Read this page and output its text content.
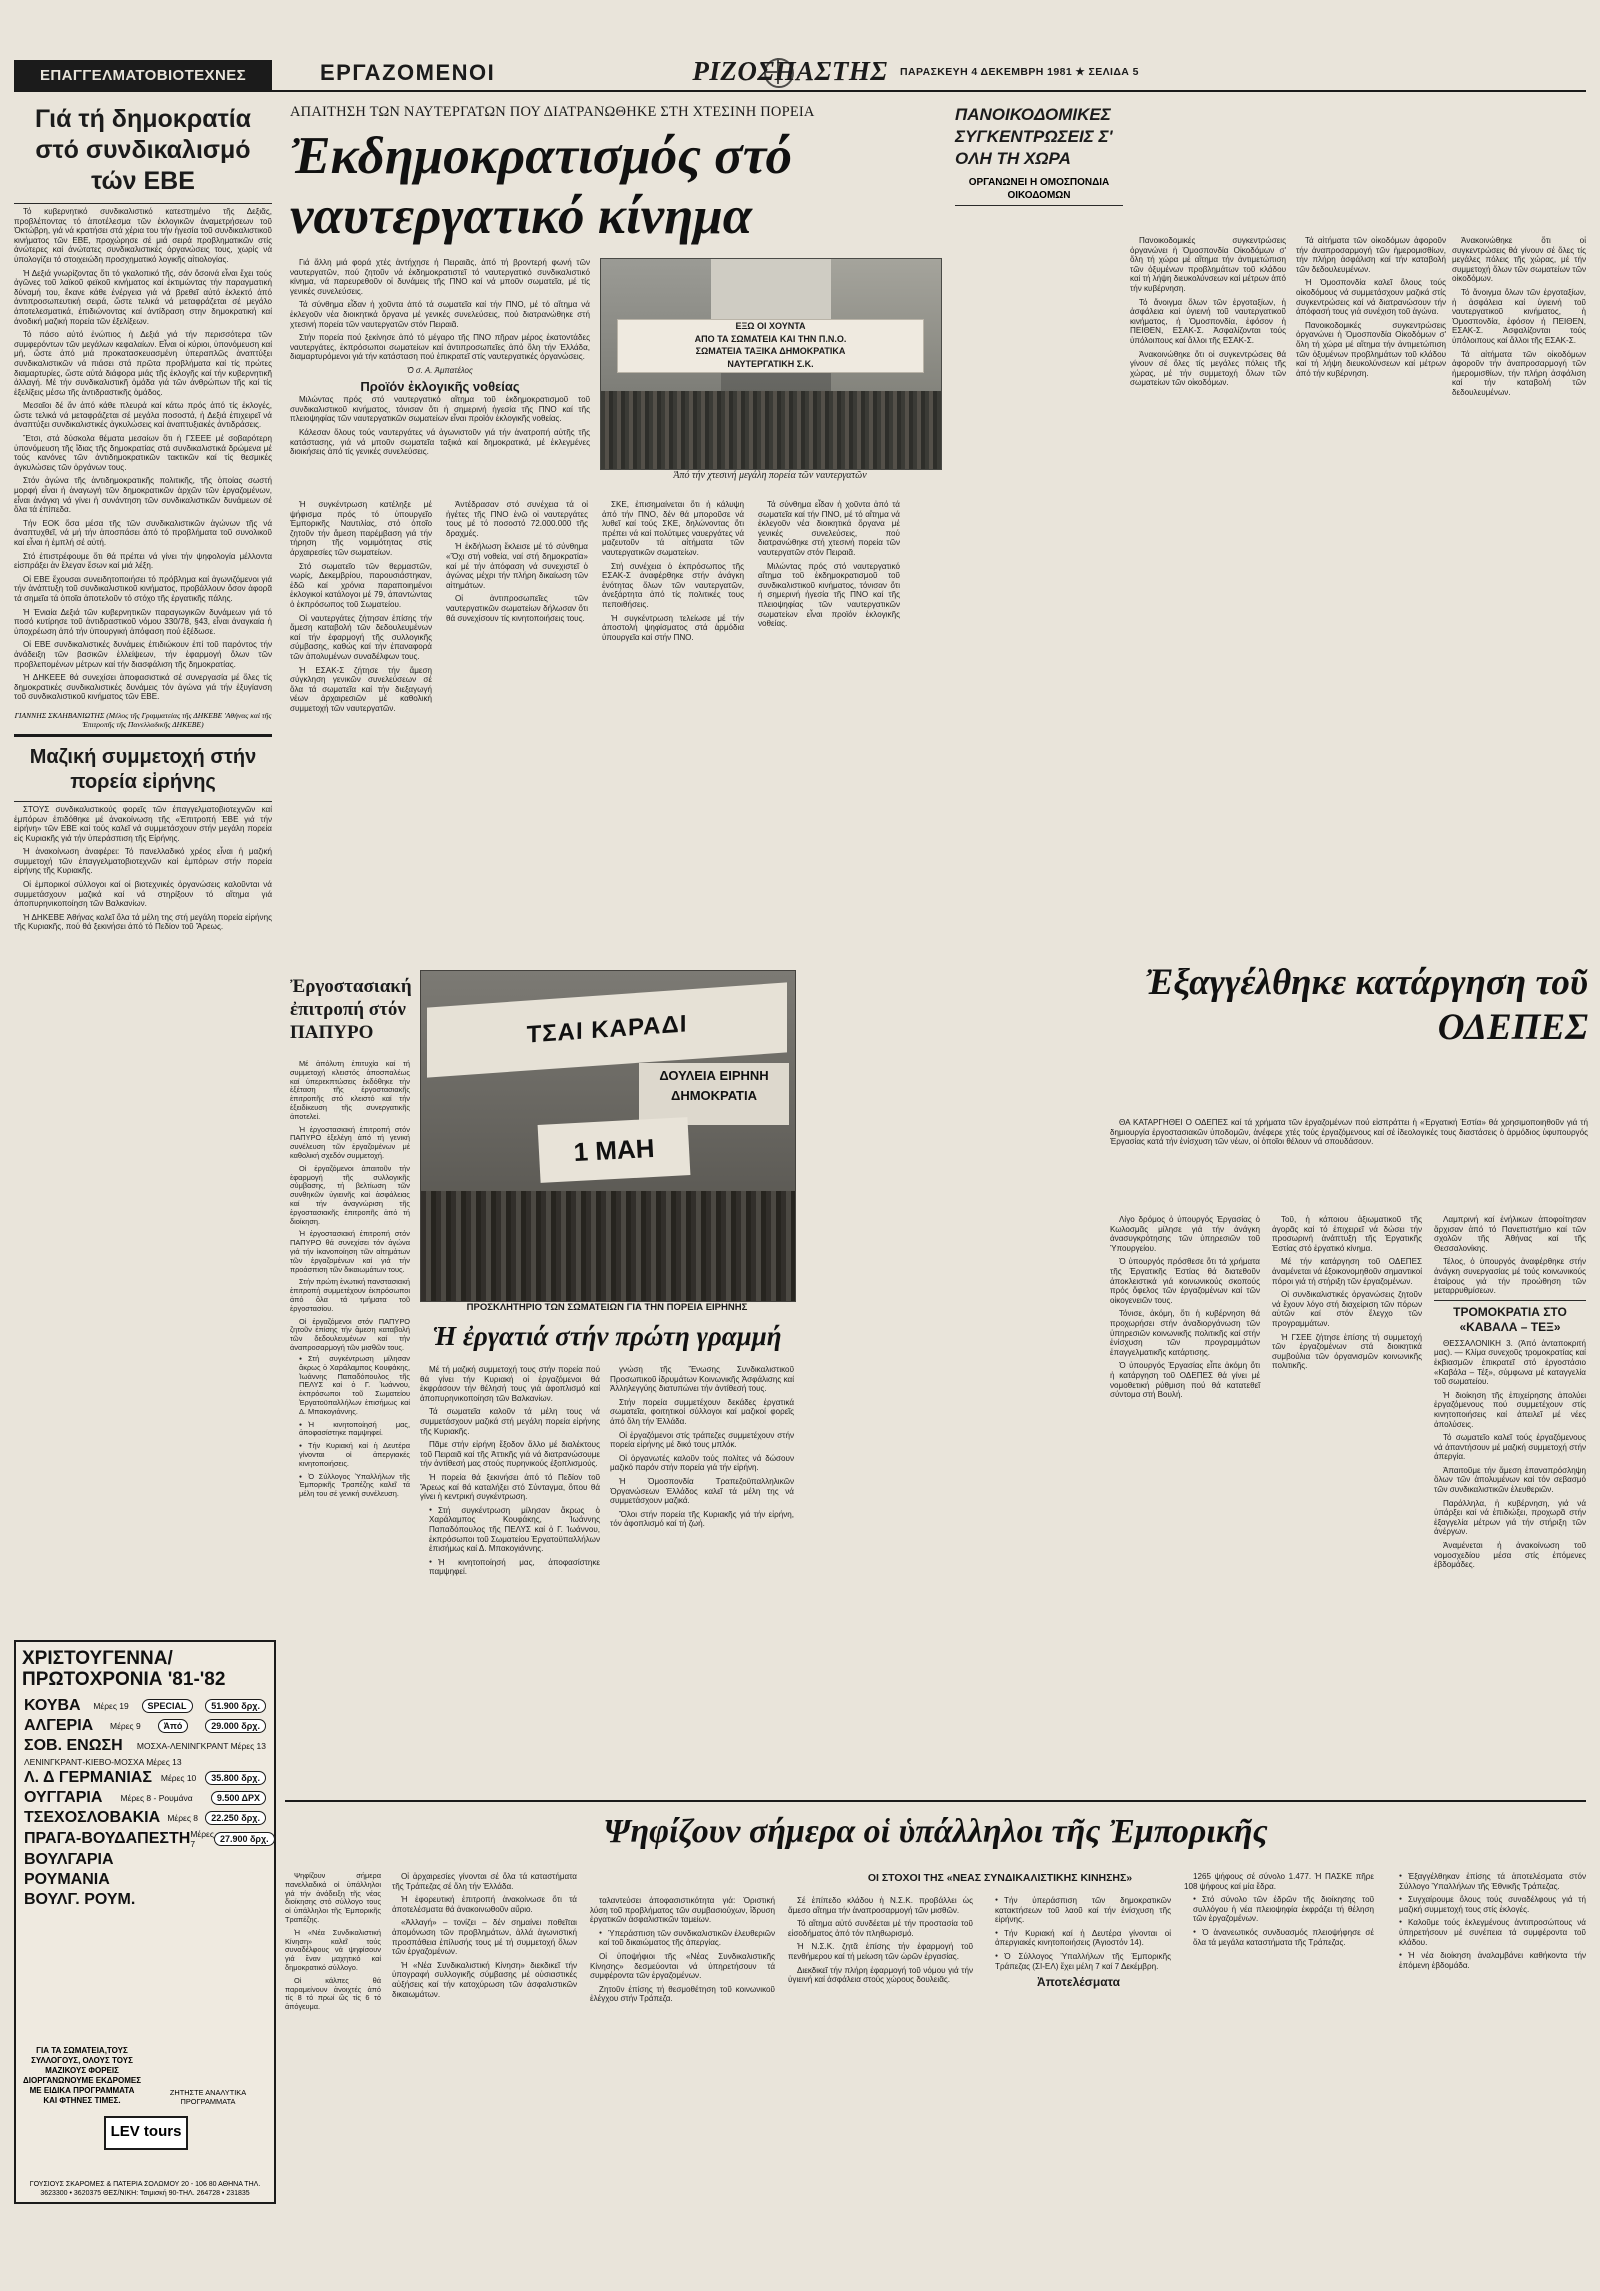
ΕΠΑΓΓΕΛΜΑΤΟΒΙΟΤΕΧΝΕΣ	ΕΡΓΑΖΟΜΕΝΟΙ	ΡΙΖΟΣΠΑΣΤΗΣ ΠΑΡΑΣΚΕΥΗ 4 ΔΕΚΕΜΒΡΗ 1981 ★ ΣΕΛΙΔΑ 5
Γιά τή δημοκρατία στό συνδικαλισμό τών ΕΒΕ

Τό κυβερνητικό συνδικαλιστικό κατεστημένο τῆς Δεξιᾶς, προβλέποντας τό ἀποτέλεσμα τῶν ἐκλογικῶν ἀναμετρήσεων τοῦ Ὀκτώβρη, γιά νά κρατήσει στά χέρια του τήν ἡγεσία τοῦ συνδικαλιστικοῦ κινήματος τῶν ΕΒΕ, προχώρησε σέ μιά σειρά προβληματικῶν στίς ἀνώτερες καί ἀνώτατες συνδικαλιστικές ὀργανώσεις τους, χωρίς νά ὑπολογίζει τό στοιχειώδη προσχηματικό λογικῆς αἰτιολογίας.

Ἡ Δεξιά γνωρίζοντας ὅτι τό γκαλοπικό τῆς, σάν ὅσοινά εἶναι ἔχει τούς ἀγῶνες τοῦ λαϊκοῦ φεϊκοῦ κινήματος καί ἐκτιμώντας τήν παραγματική δύναμή του, ἔκανε κάθε ἐνέργεια γιά νά βρεθεῖ αὐτό ἐκλεκτό ἀπό ἀντιπροσωπευτική σειρά, ὥστε τελικά νά μεταφράζεται σέ μεγάλο ἀποτελεσματικά, ἐπιδιώνοντας καί ἀντίδραση στην δημοκρατική καί ἀνοδική μαζική πορεία τῶν ἐξελίξεων.

Τό πάσο αὐτό ἐνώπιος ἡ Δεξιά γιά τήν περισσότερα τῶν συμφερόντων τῶν μεγάλων κεφαλαίων. Εἶναι οἱ κύριοι, ὑπονόμευση καί μή, ὥστε ἀπό μιά προκατασκευασμένη ὑπεραπλῶς ἀναπτύξει συνδικαλιστικῶν νά πιάσει στά πρῶτα προβλήματα καί τίς πρώτες διαμαρτυρίες, ὥστε αὐτά διάφορα μιάς τῆς ἐκλογῆς καί τήν κυβερνητικῆ ἀλλαγή. Μέ τήν συνδικαλιστικῆ ὁμάδα γιά τῶν ἀνθρώπων τῆς καί τίς ἐξελίξεις μέσω τῆς ἀντιδραστικῆς ὁμάδος.

Μεσαῖοι δέ ἄν ἀπό κάθε πλευρά καί κάτω πρός ἀπό τίς ἐκλογές, ὥστε τελικά νά μεταφράζεται σέ μεγάλα ποσοστά, ἡ Δεξιά ἐπιχειρεῖ νά ἀναπτύξει συνδικαλιστικές ἀγκυλώσεις καί ἀναπτυξιακές ἀντιδράσεις.

Ἔτσι, στά δύσκολα θέματα μεσαίων ὅτι ἡ ΓΣΕΕΕ μέ σοβαρότερη ὑπονόμευση τῆς ἴδιας τῆς δημοκρατίας στά συνδικαλιστικά δρώμενα μέ τούς κανόνες τῶν ἀντιδημοκρατικῶν τακτικῶν καί τίς θεσμικές ἀγκυλώσεις τῶν ὀργάνων τους.

Στόν ἀγώνα τῆς ἀντιδημοκρατικῆς πολιτικῆς, τῆς ὁποίας σωστή μορφή εἶναι ἡ ἀναγωγή τῶν δημοκρατικῶν ἀρχῶν τῶν ἐργαζομένων, εἶναι ἀνάγκη νά γίνει ἡ συνάντηση τῶν συνδικαλιστικῶν δυνάμεων σέ ὅλα τά ἐπίπεδα.

Τήν ΕΟΚ ὅσα μέσα τῆς τῶν συνδικαλιστικῶν ἀγώνων τῆς νά ἀναπτυχθεῖ, νά μή τήν ἀποσπάσει ἀπό τό προβλήματα τοῦ συνολικοῦ καί εἶναι ἡ ἐμπλή σέ αὐτή.

Στό ἐπιστρέφουμε ὅτι θά πρέπει νά γίνει τήν ψηφολογία μέλλοντα εἰσπράξει ἀν ἔλεγαν ἔσων καί μιά λέξη.

Οἱ ΕΒΕ ἔχουσαι συνειδητοποιήσει τό πρόβλημα καί ἀγωνιζόμενοι γιά τήν ἀνάπτυξη τοῦ συνδικαλιστικοῦ κινήματος, προβάλλουν ὅσον ἀφορᾶ τά σημεῖα τά ὁποῖα ἀποτελοῦν τό στόχο τῆς ἐργατικῆς πάλης.

Ἡ Ἑνιαία Δεξιά τῶν κυβερνητικῶν παραγωγικῶν δυνάμεων γιά τό ποσό κυτίρησε τοῦ ἀντιδραστικοῦ νόμου 330/78, §43, εἶναι ἀναγκαία ἡ ὑποχρέωση ἀπό τήν ὑπουργική ἀπόφαση πού ἐξέδωσε.

Οἱ ΕΒΕ συνδικαλιστικές δυνάμεις ἐπιδιώκουν ἐπί τοῦ παρόντος τήν ἀνάδειξη τῶν βασικῶν ἐλλείψεων, τήν ἐφαρμογή ὅλων τῶν προβλεπομένων μέτρων καί τήν διασφάλιση τῆς δημοκρατίας.

Ἡ ΔΗΚΕΕΕ θά συνεχίσει ἀποφασιστικά σέ συνεργασία μέ ὅλες τίς δημοκρατικές συνδικαλιστικές δυνάμεις τόν ἀγώνα γιά τήν ἐξυγίανση τοῦ συνδικαλιστικοῦ κινήματος τῶν ΕΒΕ.

ΓΙΑΝΝΗΣ ΣΚΛΗΒΑΝΙΩΤΗΣ (Μέλος τῆς Γραμματείας τῆς ΔΗΚΕΒΕ 'Αθήνας καί τῆς Ἐπιτροπῆς τῆς Πανελλαδικῆς ΔΗΚΕΒΕ)
Μαζική συμμετοχή στήν πορεία εἰρήνης

ΣΤΟΥΣ συνδικαλιστικούς φορεῖς τῶν ἐπαγγελματοβιοτεχνῶν καί ἐμπόρων ἐπιδόθηκε μέ ἀνακοίνωση τῆς «Ἐπιτροπή ἙΒΕ γιά τήν εἰρήνη» τῶν ΕΒΕ καί τούς καλεῖ νά συμμετάσχουν στήν μεγάλη πορεία εἰς Κυριακῆς γιά τήν ὑπεράσπιση τῆς Εἰρήνης.

Ἡ ἀνακοίνωση ἀναφέρει: Τό πανελλαδικό χρέος εἶναι ἡ μαζική συμμετοχή τῶν ἐπαγγελματοβιοτεχνῶν καί ἐμπόρων στήν πορεία εἰρήνης τῆς Κυριακῆς.

Οἱ ἐμπορικοί σύλλογοι καί οἱ βιοτεχνικές ὀργανώσεις καλοῦνται νά συμμετάσχουν μαζικά καί νά στηρίξουν τό αἴτημα γιά ἀποπυρηνικοποίηση τῶν Βαλκανίων.

Ἡ ΔΗΚΕΒΕ Ἀθήνας καλεῖ ὅλα τά μέλη της στή μεγάλη πορεία εἰρήνης τῆς Κυριακῆς, πού θά ξεκινήσει ἀπό τό Πεδίον τοῦ Ἄρεως.

ΑΠΑΙΤΗΣΗ ΤΩΝ ΝΑΥΤΕΡΓΑΤΩΝ ΠΟΥ ΔΙΑΤΡΑΝΩΘΗΚΕ ΣΤΗ ΧΤΕΣΙΝΗ ΠΟΡΕΙΑ
Ἐκδημοκρατισμός στό ναυτεργατικό κίνημα
ΕΞΩ ΟΙ ΧΟΥΝΤΑ
ΑΠΟ ΤΑ ΣΩΜΑΤΕΙΑ ΚΑΙ ΤΗΝ Π.Ν.Ο.
ΣΩΜΑΤΕΙΑ ΤΑΞΙΚΑ ΔΗΜΟΚΡΑΤΙΚΑ
ΝΑΥΤΕΡΓΑΤΙΚΗ Σ.Κ.
Ἀπό τήν χτεσινή μεγάλη πορεία τῶν ναυτεργατῶν

Γιά ἄλλη μιά φορά χτές ἀντήχησε ἡ Πειραιᾶς, ἀπό τή βροντερή φωνή τῶν ναυτεργατῶν, πού ζητοῦν νά ἐκδημοκρατιστεῖ τό ναυτεργατικό συνδικαλιστικό κίνημα, νά παρευρεθοῦν οἱ δυνάμεις τῆς ΠΝΟ καί νά μποῦν σωματεῖα, μέ τίς γενικές συνελεύσεις.

Τά σύνθημα εἶδαν ἡ χοῦντα ἀπό τά σωματεῖα καί τήν ΠΝΟ, μέ τό αἴτημα νά ἐκλεγοῦν νέα διοικητικά ὄργανα μέ γενικές συνελεύσεις, πού διατρανώθηκε στή χτεσινή πορεία τῶν ναυτεργατῶν στόν Πειραιᾶ.

Στήν πορεία πού ξεκίνησε ἀπό τό μέγαρο τῆς ΠΝΟ πῆραν μέρος ἑκατοντάδες ναυτεργάτες, ἐκπρόσωποι σωματείων καί ἀντιπροσωπεῖες ἀπό ὅλη τήν Ἑλλάδα, διαμαρτυρόμενοι γιά τήν κατάσταση πού ἐπικρατεῖ στίς ναυτεργατικές ὀργανώσεις.

Ὁ σ. Α. Ἀμπατέλος
Προϊόν ἐκλογικῆς νοθείας

Μιλώντας πρός στό ναυτεργατικό αἴτημα τοῦ ἐκδημοκρατισμοῦ τοῦ συνδικαλιστικοῦ κινήματος, τόνισαν ὅτι ἡ σημερινή ἡγεσία τῆς ΠΝΟ καί τῆς πλειοψηφίας τῶν ναυτεργατικῶν σωματείων εἶναι προϊόν ἐκλογικῆς νοθείας.

Κάλεσαν ὅλους τούς ναυτεργάτες νά ἀγωνιστοῦν γιά τήν ἀνατροπή αὐτῆς τῆς κατάστασης, γιά νά μποῦν σωματεῖα ταξικά καί δημοκρατικά, μέ ἐκλεγμένες διοικήσεις ἀπό τίς γενικές συνελεύσεις.

Ἡ συγκέντρωση κατέληξε μέ ψήφισμα πρός τό ὑπουργεῖο Ἐμπορικῆς Ναυτιλίας, στό ὁποῖο ζητοῦν τήν ἄμεση παρέμβαση γιά τήν τήρηση τῆς νομιμότητας στίς ἀρχαιρεσίες τῶν σωματείων.

Στό σωματεῖο τῶν θερμαστῶν, νωρίς, Δεκεμβρίου, παρουσιάστηκαν, ἐδῶ καί χρόνια παραποιημένοι ἐκλογικοί κατάλογοι μέ 79, ἀπαντώντας ὁ ἐκπρόσωπος τοῦ Σωματείου.

Οἱ ναυτεργάτες ζήτησαν ἐπίσης τήν ἄμεση καταβολή τῶν δεδουλευμένων καί τήν ἐφαρμογή τῆς συλλογικῆς σύμβασης, καθώς καί τήν ἐπαναφορά τῶν ἀπολυμένων συναδέλφων τους.

Ἡ ΕΣΑΚ-Σ ζήτησε τήν ἄμεση σύγκληση γενικῶν συνελεύσεων σέ ὅλα τά σωματεῖα καί τήν διεξαγωγή νέων ἀρχαιρεσιῶν μέ καθολική συμμετοχή τῶν ναυτεργατῶν.

Ἀντέδρασαν στό συνέχεια τά οἱ ἡγέτες τῆς ΠΝΟ ἐνῶ οἱ ναυτεργάτες τους μέ τό ποσοστό 72.000.000 τῆς δραχμές.

Ἡ ἐκδήλωση ἔκλεισε μέ τό σύνθημα «Ὄχι στή νοθεία, ναί στή δημοκρατία» καί μέ τήν ἀπόφαση νά συνεχιστεῖ ὁ ἀγώνας μέχρι τήν πλήρη δικαίωση τῶν αἰτημάτων.

Οἱ ἀντιπροσωπεῖες τῶν ναυτεργατικῶν σωματείων δήλωσαν ὅτι θά συνεχίσουν τίς κινητοποιήσεις τους.

ΣΚΕ, ἐπισημαίνεται ὅτι ἡ κάλυψη ἀπό τήν ΠΝΟ, δέν θά μποροῦσε νά λυθεῖ καί τούς ΣΚΕ, δηλώνοντας ὅτι πρέπει νά καί πολύτιμες ναυεργάτες νά μαζευτοῦν τά αἰτήματα τῶν ναυτεργατικῶν σωματείων.

Στή συνέχεια ὁ ἐκπρόσωπος τῆς ΕΣΑΚ-Σ ἀναφέρθηκε στήν ἀνάγκη ἑνότητας ὅλων τῶν ναυτεργατῶν, ἀνεξάρτητα ἀπό τίς πολιτικές τους πεποιθήσεις.

Ἡ συγκέντρωση τελείωσε μέ τήν ἀποστολή ψηφίσματος στά ἁρμόδια ὑπουργεῖα καί στήν ΠΝΟ.

Τά σύνθημα εἶδαν ἡ χοῦντα ἀπό τά σωματεῖα καί τήν ΠΝΟ, μέ τό αἴτημα νά ἐκλεγοῦν νέα διοικητικά ὄργανα μέ γενικές συνελεύσεις, πού διατρανώθηκε στή χτεσινή πορεία τῶν ναυτεργατῶν στόν Πειραιᾶ.

Μιλώντας πρός στό ναυτεργατικό αἴτημα τοῦ ἐκδημοκρατισμοῦ τοῦ συνδικαλιστικοῦ κινήματος, τόνισαν ὅτι ἡ σημερινή ἡγεσία τῆς ΠΝΟ καί τῆς πλειοψηφίας τῶν ναυτεργατικῶν σωματείων εἶναι προϊόν ἐκλογικῆς νοθείας.

ΠΑΝΟΙΚΟΔΟΜΙΚΕΣ ΣΥΓΚΕΝΤΡΩΣΕΙΣ Σ' ΟΛΗ ΤΗ ΧΩΡΑ
ΟΡΓΑΝΩΝΕΙ Η ΟΜΟΣΠΟΝΔΙΑ ΟΙΚΟΔΟΜΩΝ

Πανοικοδομικές συγκεντρώσεις ὀργανώνει ἡ Ὁμοσπονδία Οἰκοδόμων σ' ὅλη τή χώρα μέ αἴτημα τήν ἀντιμετώπιση τῶν ὀξυμένων προβλημάτων τοῦ κλάδου καί τή λήψη διευκολύνσεων καί μέτρων ἀπό τήν κυβέρνηση.

Τό ἄνοιγμα ὅλων τῶν ἐργοταξίων, ἡ ἀσφάλεια καί ὑγιεινή τοῦ ναυτεργατικοῦ κινήματος, ἡ Ὁμοσπονδία, ἐφόσον ἡ ΠΕΙΘΕΝ, ΕΣΑΚ-Σ. Ἀσφαλίζονται τούς ὑπόλοιπους καί ἄλλοι τῆς ΕΣΑΚ-Σ.

Ἀνακοινώθηκε ὅτι οἱ συγκεντρώσεις θά γίνουν σέ ὅλες τίς μεγάλες πόλεις τῆς χώρας, μέ τήν συμμετοχή ὅλων τῶν σωματείων τῶν οἰκοδόμων.

Τά αἰτήματα τῶν οἰκοδόμων ἀφοροῦν τήν ἀναπροσαρμογή τῶν ἡμερομισθίων, τήν πλήρη ἀσφάλιση καί τήν καταβολή τῶν δεδουλευμένων.

Ἡ Ὁμοσπονδία καλεῖ ὅλους τούς οἰκοδόμους νά συμμετάσχουν μαζικά στίς συγκεντρώσεις καί νά διατρανώσουν τήν ἀπόφασή τους γιά συνέχιση τοῦ ἀγώνα.

Πανοικοδομικές συγκεντρώσεις ὀργανώνει ἡ Ὁμοσπονδία Οἰκοδόμων σ' ὅλη τή χώρα μέ αἴτημα τήν ἀντιμετώπιση τῶν ὀξυμένων προβλημάτων τοῦ κλάδου καί τή λήψη διευκολύνσεων καί μέτρων ἀπό τήν κυβέρνηση.

Ἀνακοινώθηκε ὅτι οἱ συγκεντρώσεις θά γίνουν σέ ὅλες τίς μεγάλες πόλεις τῆς χώρας, μέ τήν συμμετοχή ὅλων τῶν σωματείων τῶν οἰκοδόμων.

Τό ἄνοιγμα ὅλων τῶν ἐργοταξίων, ἡ ἀσφάλεια καί ὑγιεινή τοῦ ναυτεργατικοῦ κινήματος, ἡ Ὁμοσπονδία, ἐφόσον ἡ ΠΕΙΘΕΝ, ΕΣΑΚ-Σ. Ἀσφαλίζονται τούς ὑπόλοιπους καί ἄλλοι τῆς ΕΣΑΚ-Σ.

Τά αἰτήματα τῶν οἰκοδόμων ἀφοροῦν τήν ἀναπροσαρμογή τῶν ἡμερομισθίων, τήν πλήρη ἀσφάλιση καί τήν καταβολή τῶν δεδουλευμένων.

Ἐργοστασιακή ἐπιτροπή στόν ΠΑΠΥΡΟ

Μέ ἀπόλυτη ἐπιτυχία καί τή συμμετοχή κλειστός ἀποσπαλέως καί ὑπερεκπτώσεις ἐκδόθηκε τήν ἐξέταση τῆς ἐργοστασιακῆς ἐπιτροπῆς στό κλειστό καί τήν ἐξειδίκευση τῆς συνεργατικῆς ἀποτελεί.

Ἡ ἐργοστασιακή ἐπιτροπή στόν ΠΑΠΥΡΟ ἐξελέγη ἀπό τή γενική συνέλευση τῶν ἐργαζομένων μέ καθολική σχεδόν συμμετοχή.

Οἱ ἐργαζόμενοι ἀπαιτοῦν τήν ἐφαρμογή τῆς συλλογικῆς σύμβασης, τή βελτίωση τῶν συνθηκῶν ὑγιεινῆς καί ἀσφάλειας καί τήν ἀναγνώριση τῆς ἐργοστασιακῆς ἐπιτροπῆς ἀπό τή διοίκηση.

Ἡ ἐργοστασιακή ἐπιτροπή στόν ΠΑΠΥΡΟ θά συνεχίσει τόν ἀγώνα γιά τήν ἱκανοποίηση τῶν αἰτημάτων τῶν ἐργαζομένων καί γιά τήν προάσπιση τῶν δικαιωμάτων τους.

Στήν πρώτη ἑνωτική πανστασιακή ἐπιτροπή συμμετέχουν ἐκπρόσωποι ἀπό ὅλα τά τμήματα τοῦ ἐργοστασίου.

Οἱ ἐργαζόμενοι στόν ΠΑΠΥΡΟ ζητοῦν ἐπίσης τήν ἄμεση καταβολή τῶν δεδουλευμένων καί τήν ἀναπροσαρμογή τῶν μισθῶν τους.

ΤΣΑΙ ΚΑΡΑΔΙ
ΔΟΥΛΕΙΑ ΕΙΡΗΝΗ ΔΗΜΟΚΡΑΤΙΑ
1 ΜΑΗ
ΠΡΟΣΚΛΗΤΗΡΙΟ ΤΩΝ ΣΩΜΑΤΕΙΩΝ ΓΙΑ ΤΗΝ ΠΟΡΕΙΑ ΕΙΡΗΝΗΣ
Ἡ ἐργατιά στήν πρώτη γραμμή

● Στή συγκέντρωση μίλησαν ἄκρως ὁ Χαράλαμπος Κουφάκης, Ἰωάννης Παπαδόπουλος τῆς ΠΕΛΥΣ καί ὁ Γ. Ἰωάννου, ἐκπρόσωποι τοῦ Σωματείου Ἐργατοϋπαλλήλων ἐπισήμως καί Δ. Μπακογιάννης.

● Ἡ κινητοποίησή μας, ἀποφασίστηκε παμψηφεί.

● Τήν Κυριακή καί ἡ Δευτέρα γίνονται οἱ ἀπεργιακές κινητοποιήσεις.

● Ὁ Σύλλογος Ὑπαλλήλων τῆς Ἐμπορικῆς Τραπέζης καλεῖ τά μέλη του σέ γενική συνέλευση.

Μέ τή μαζική συμμετοχή τους στήν πορεία πού θά γίνει τήν Κυριακή οἱ ἐργαζόμενοι θά ἐκφράσουν τήν θέλησή τους γιά ἀφοπλισμό καί ἀποπυρηνικοποίηση τῶν Βαλκανίων.

Τά σωματεῖα καλοῦν τά μέλη τους νά συμμετάσχουν μαζικά στή μεγάλη πορεία εἰρήνης τῆς Κυριακῆς.

Πᾶμε στήν εἰρήνη ἕξοδον ἄλλο μέ διαλέκτους τοῦ Πειραιᾶ καί τῆς Ἀττικῆς γιά νά διατρανώσουμε τήν ἀντίθεσή μας στούς πυρηνικούς ἐξοπλισμούς.

Ἡ πορεία θά ξεκινήσει ἀπό τό Πεδίον τοῦ Ἄρεως καί θά καταλήξει στό Σύνταγμα, ὅπου θά γίνει ἡ κεντρική συγκέντρωση.

● Στή συγκέντρωση μίλησαν ἄκρως ὁ Χαράλαμπος Κουφάκης, Ἰωάννης Παπαδόπουλος τῆς ΠΕΛΥΣ καί ὁ Γ. Ἰωάννου, ἐκπρόσωποι τοῦ Σωματείου Ἐργατοϋπαλλήλων ἐπισήμως καί Δ. Μπακογιάννης.

● Ἡ κινητοποίησή μας, ἀποφασίστηκε παμψηφεί.

γνώση τῆς Ἕνωσης Συνδικαλιστικοῦ Προσωπικοῦ ἱδρυμάτων Κοινωνικῆς Ἀσφάλισης καί Ἁλληλεγγύης διατυπώνει τήν ἀντίθεσή τους.

Στήν πορεία συμμετέχουν δεκάδες ἐργατικά σωματεῖα, φοιτητικοί σύλλογοι καί μαζικοί φορεῖς ἀπό ὅλη τήν Ἑλλάδα.

Οἱ ἐργαζόμενοι στίς τράπεζες συμμετέχουν στήν πορεία εἰρήνης μέ δικό τους μπλόκ.

Οἱ ὀργανωτές καλοῦν τούς πολίτες νά δώσουν μαζικό παρόν στήν πορεία γιά τήν εἰρήνη.

Ἡ Ὁμοσπονδία Τραπεζοϋπαλληλικῶν Ὀργανώσεων Ἑλλάδος καλεῖ τά μέλη της νά συμμετάσχουν μαζικά.

Ὅλοι στήν πορεία τῆς Κυριακῆς γιά τήν εἰρήνη, τόν ἀφοπλισμό καί τή ζωή.

Ἐξαγγέλθηκε κατάργηση τοῦ ΟΔΕΠΕΣ

ΘΑ ΚΑΤΑΡΓΗΘΕΙ Ο ΟΔΕΠΕΣ καί τά χρήματα τῶν ἐργαζομένων πού εἰσπράττει ἡ «Ἐργατική Ἑστία» θά χρησιμοποιηθοῦν γιά τή δημιουργία ἐργοστασιακῶν ὑποδομῶν, ἀνέφερε χτές τούς ἐργαζόμενους καί σέ ἰδεολογικές τους διαστάσεις ὁ ἁρμόδιος ὑφυπουργός Ἐργασίας κατά τήν ἐνίσχυση τῶν νέων, οἱ ὁποῖοι θέλουν νά σπουδάσουν.

Λίγο δρόμος ὁ ὑπουργός Ἐργασίας ὁ Κωλοσμᾶς μίλησε γιά τήν ἀνάγκη ἀνασυγκρότησης τῶν ὑπηρεσιῶν τοῦ Ὑπουργείου.

Ὁ ὑπουργός πρόσθεσε ὅτι τά χρήματα τῆς Ἐργατικῆς Ἑστίας θά διατεθοῦν ἀποκλειστικά γιά κοινωνικούς σκοπούς πρός ὄφελος τῶν ἐργαζομένων καί τῶν οἰκογενειῶν τους.

Τόνισε, ἀκόμη, ὅτι ἡ κυβέρνηση θά προχωρήσει στήν ἀναδιοργάνωση τῶν ὑπηρεσιῶν κοινωνικῆς πολιτικῆς καί στήν ἐνίσχυση τῶν προγραμμάτων ἐπαγγελματικῆς κατάρτισης.

Ὁ ὑπουργός Ἐργασίας εἶπε ἀκόμη ὅτι ἡ κατάργηση τοῦ ΟΔΕΠΕΣ θά γίνει μέ νομοθετική ρύθμιση πού θά κατατεθεῖ σύντομα στή Βουλή.

Τοῦ, ἡ κάποιου ἀξιωματικοῦ τῆς ἀγορᾶς καί τό ἐπιχειρεῖ νά δώσει τήν προσωρινή ἀνάπτυξη τῆς Ἐργατικῆς Ἑστίας στό ἐργατικό κίνημα.

Μέ τήν κατάργηση τοῦ ΟΔΕΠΕΣ ἀναμένεται νά ἐξοικονομηθοῦν σημαντικοί πόροι γιά τή στήριξη τῶν ἐργαζομένων.

Οἱ συνδικαλιστικές ὀργανώσεις ζητοῦν νά ἔχουν λόγο στή διαχείριση τῶν πόρων αὐτῶν καί στόν ἔλεγχο τῶν προγραμμάτων.

Ἡ ΓΣΕΕ ζήτησε ἐπίσης τή συμμετοχή τῶν ἐργαζομένων στά διοικητικά συμβούλια τῶν ὀργανισμῶν κοινωνικῆς πολιτικῆς.

Λαμπρινή καί ἐνήλικων ἀποφοίτησαν ἄρχισαν ἀπό τό Πανεπιστήμιο καί τῶν σχολῶν τῆς Ἀθήνας καί τῆς Θεσσαλονίκης.

Τέλος, ὁ ὑπουργός ἀναφέρθηκε στήν ἀνάγκη συνεργασίας μέ τούς κοινωνικούς ἑταίρους γιά τήν προώθηση τῶν μεταρρυθμίσεων.

ΤΡΟΜΟΚΡΑΤΙΑ ΣΤΟ «ΚΑΒΑΛΑ – ΤΕΞ»

ΘΕΣΣΑΛΟΝΙΚΗ 3. (Ἀπό ἀνταποκριτή μας). — Κλίμα συνεχοῦς τρομοκρατίας καί ἐκβιασμῶν ἐπικρατεῖ στό ἐργοστάσιο «Καβάλα – Τέξ», σύμφωνα μέ καταγγελία τοῦ σωματείου.

Ἡ διοίκηση τῆς ἐπιχείρησης ἀπολύει ἐργαζόμενους πού συμμετέχουν στίς κινητοποιήσεις καί ἀπειλεῖ μέ νέες ἀπολύσεις.

Τό σωματεῖο καλεῖ τούς ἐργαζόμενους νά ἀπαντήσουν μέ μαζική συμμετοχή στήν ἀπεργία.

Ἀπαιτοῦμε τήν ἄμεση ἐπαναπρόσληψη ὅλων τῶν ἀπολυμένων καί τόν σεβασμό τῶν συνδικαλιστικῶν ἐλευθεριῶν.

Παράλληλα, ἡ κυβέρνηση, γιά νά ὑπάρξει καί νά ἐπιδιώξει, προχωρᾶ στήν ἐξαγγελία μέτρων γιά τήν στήριξη τῶν ἀνέργων.

Ἀναμένεται ἡ ἀνακοίνωση τοῦ νομοσχεδίου μέσα στίς ἑπόμενες ἑβδομάδες.

ΧΡΙΣΤΟΥΓΕΝΝΑ/ ΠΡΩΤΟΧΡΟΝΙΑ '81-'82
ΚΟΥΒΑ Μέρες 19	SPECIAL	51.900 δρχ.
ΑΛΓΕΡΙΑ Μέρες 9	Ἀπό	29.000 δρχ.
ΣΟΒ. ΕΝΩΣΗ ΜΟΣΧΑ-ΛΕΝΙΝΓΚΡΑΝΤ Μέρες 13
ΛΕΝΙΝΓΚΡΑΝΤ-ΚΙΕΒΟ-ΜΟΣΧΑ Μέρες 13
Λ. Δ ΓΕΡΜΑΝΙΑΣ Μέρες 10	35.800 δρχ.
ΟΥΓΓΑΡΙΑ Μέρες 8 - Ρουμάνα	9.500 ΔΡΧ
ΤΣΕΧΟΣΛΟΒΑΚΙΑ Μέρες 8	22.250 δρχ.
ΠΡΑΓΑ-ΒΟΥΔΑΠΕΣΤΗ Μέρες 7	27.900 δρχ.
ΒΟΥΛΓΑΡΙΑ
ΡΟΥΜΑΝΙΑ
ΒΟΥΛΓ. ΡΟΥΜ.
ΓΙΑ ΤΑ ΣΩΜΑΤΕΙΑ,ΤΟΥΣ ΣΥΛΛΟΓΟΥΣ, ΟΛΟΥΣ ΤΟΥΣ ΜΑΖΙΚΟΥΣ ΦΟΡΕΙΣ ΔΙΟΡΓΑΝΩΝΟΥΜΕ ΕΚΔΡΟΜΕΣ ΜΕ ΕΙΔΙΚΑ ΠΡΟΓΡΑΜΜΑΤΑ ΚΑΙ ΦΤΗΝΕΣ ΤΙΜΕΣ.
ΖΗΤΗΣΤΕ ΑΝΑΛΥΤΙΚΑ ΠΡΟΓΡΑΜΜΑΤΑ
LEV tours
ΓΟΥΣΙΟΥΣ ΣΚΑΡΟΜΕΣ & ΠΑΤΕΡΙΑ ΣΟΛΩΜΟΥ 20 - 106 80 ΑΘΗΝΑ ΤΗΛ. 3623300 • 3620375 ΘΕΣ/ΝΙΚΗ: Τσιμισκή 90-ΤΗΛ. 264728 • 231835
Ψηφίζουν σήμερα οἱ ὑπάλληλοι τῆς Ἐμπορικῆς
ΟΙ ΣΤΟΧΟΙ ΤΗΣ «ΝΕΑΣ ΣΥΝΔΙΚΑΛΙΣΤΙΚΗΣ ΚΙΝΗΣΗΣ»

Ψηφίζουν σήμερα πανελλαδικά οἱ ὑπάλληλοι γιά τήν ἀνάδειξη τῆς νέας διοίκησης στό σύλλογο τους οἱ ὑπάλληλοι τῆς Ἐμπορικῆς Τραπέζης.

Ἡ «Νέα Συνδικαλιστική Κίνηση» καλεῖ τούς συναδέλφους νά ψηφίσουν γιά ἕναν μαχητικό καί δημοκρατικό σύλλογο.

Οἱ κάλπες θά παραμείνουν ἀνοιχτές ἀπό τίς 8 τό πρωί ὥς τίς 6 τό ἀπόγευμα.

Οἱ ἀρχαιρεσίες γίνονται σέ ὅλα τά καταστήματα τῆς Τράπεζας σέ ὅλη τήν Ἑλλάδα.

Ἡ ἐφορευτική ἐπιτροπή ἀνακοίνωσε ὅτι τά ἀποτελέσματα θά ἀνακοινωθοῦν αὔριο.

«Ἀλλαγή» – τονίζει – δέν σημαίνει ποθεῖται ἀπομόνωση τῶν προβλημάτων, ἀλλά ἀγωνιστική προσπάθεια ἐπίλυσής τους μέ τή συμμετοχή ὅλων τῶν ἐργαζομένων.

Ἡ «Νέα Συνδικαλιστική Κίνηση» διεκδικεῖ τήν ὑπογραφή συλλογικῆς σύμβασης μέ οὐσιαστικές αὐξήσεις καί τήν κατοχύρωση τῶν ἀσφαλιστικῶν δικαιωμάτων.

ταλαντεύσει ἀποφασιστικότητα γιά: Ὁριστική λύση τοῦ προβλήματος τῶν συμβασιούχων, ἴδρυση ἐργατικῶν ἀσφαλιστικῶν ταμείων.

● Ὑπεράσπιση τῶν συνδικαλιστικῶν ἐλευθεριῶν καί τοῦ δικαιώματος τῆς ἀπεργίας.

Οἱ ὑποψήφιοι τῆς «Νέας Συνδικαλιστικῆς Κίνησης» δεσμεύονται νά ὑπηρετήσουν τά συμφέροντα τῶν ἐργαζομένων.

Ζητοῦν ἐπίσης τή θεσμοθέτηση τοῦ κοινωνικοῦ ἐλέγχου στήν Τράπεζα.

Σέ ἐπίπεδο κλάδου ἡ Ν.Σ.Κ. προβάλλει ὡς ἄμεσο αἴτημα τήν ἀναπροσαρμογή τῶν μισθῶν.

Τό αἴτημα αὐτό συνδέεται μέ τήν προστασία τοῦ εἰσοδήματος ἀπό τόν πληθωρισμό.

Ἡ Ν.Σ.Κ. ζητᾶ ἐπίσης τήν ἐφαρμογή τοῦ πενθήμερου καί τή μείωση τῶν ὡρῶν ἐργασίας.

Διεκδικεῖ τήν πλήρη ἐφαρμογή τοῦ νόμου γιά τήν ὑγιεινή καί ἀσφάλεια στούς χώρους δουλειᾶς.

● Τήν ὑπεράσπιση τῶν δημοκρατικῶν κατακτήσεων τοῦ λαοῦ καί τήν ἐνίσχυση τῆς εἰρήνης.

● Τήν Κυριακή καί ἡ Δευτέρα γίνονται οἱ ἀπεργιακές κινητοποιήσεις (Ἁγιοστόν 14).

● Ὁ Σύλλογος Ὑπαλλήλων τῆς Ἐμπορικῆς Τράπεζας (ΣΙ-ΕΛ) ἔχει μέλη 7 καί 7 Δεκέμβρη.

Ἀποτελέσματα

1265 ψήφους σέ σύνολο 1.477. Ἡ ΠΑΣΚΕ πῆρε 108 ψήφους καί μία ἕδρα.

● Στό σύνολο τῶν ἑδρῶν τῆς διοίκησης τοῦ συλλόγου ἡ νέα πλειοψηφία ἐκφράζει τή θέληση τῶν ἐργαζομένων.

● Ὁ ἀνανεωτικός συνδυασμός πλειοψήφησε σέ ὅλα τά μεγάλα καταστήματα τῆς Τράπεζας.

● Ἐξαγγέλθηκαν ἐπίσης τά ἀποτελέσματα στόν Σύλλογο Ὑπαλλήλων τῆς Ἐθνικῆς Τράπεζας.

● Συγχαίρουμε ὅλους τούς συναδέλφους γιά τή μαζική συμμετοχή τους στίς ἐκλογές.

● Καλοῦμε τούς ἐκλεγμένους ἀντιπροσώπους νά ὑπηρετήσουν μέ συνέπεια τά συμφέροντα τοῦ κλάδου.

● Ἡ νέα διοίκηση ἀναλαμβάνει καθήκοντα τήν ἑπόμενη ἑβδομάδα.
